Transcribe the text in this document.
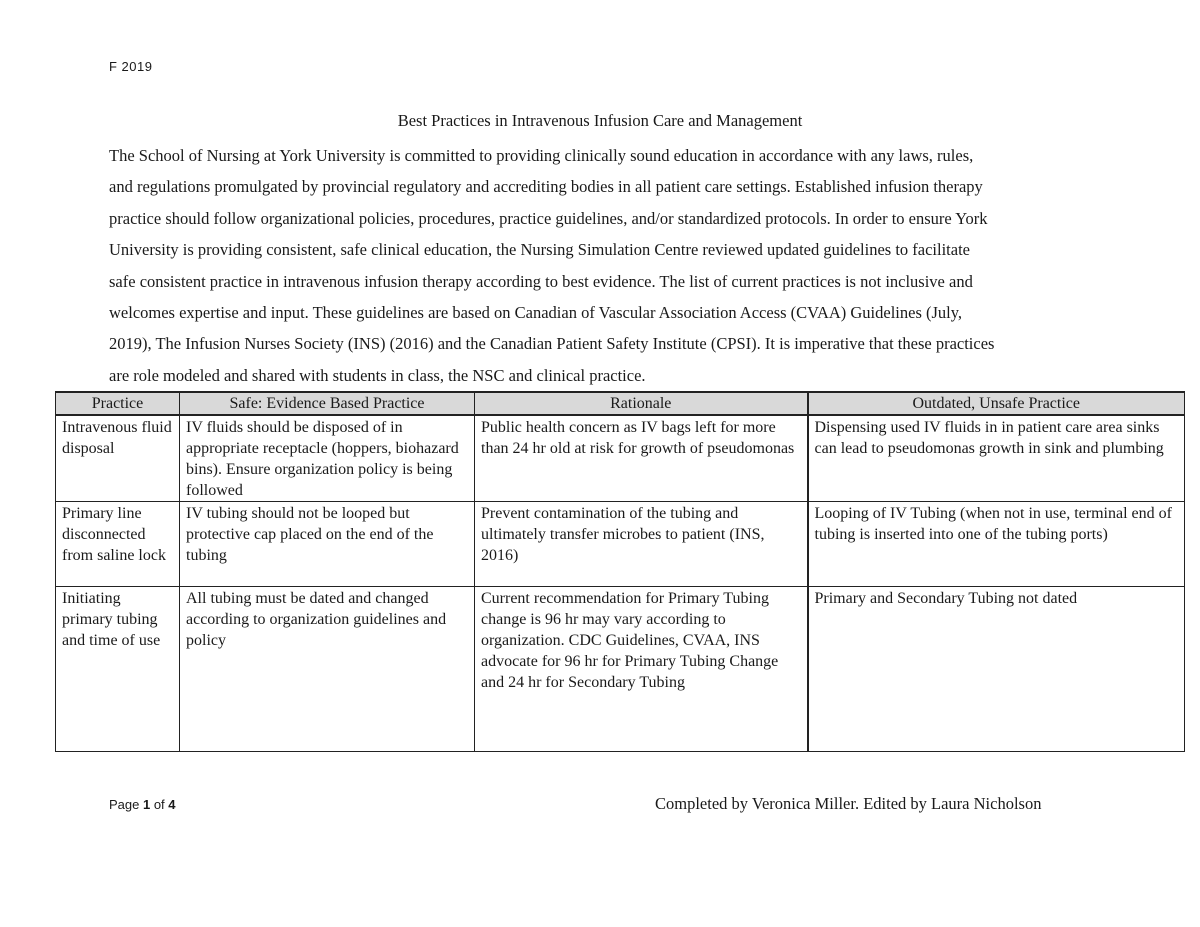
F 2019
Best Practices in Intravenous Infusion Care and Management

The School of Nursing at York University is committed to providing clinically sound education in accordance with any laws, rules,
and regulations promulgated by provincial regulatory and accrediting bodies in all patient care settings. Established infusion therapy
practice should follow organizational policies, procedures, practice guidelines, and/or standardized protocols. In order to ensure York
University is providing consistent, safe clinical education, the Nursing Simulation Centre reviewed updated guidelines to facilitate
safe consistent practice in intravenous infusion therapy according to best evidence. The list of current practices is not inclusive and
welcomes expertise and input. These guidelines are based on Canadian of Vascular Association Access (CVAA) Guidelines (July,
2019), The Infusion Nurses Society (INS) (2016) and the Canadian Patient Safety Institute (CPSI). It is imperative that these practices
are role modeled and shared with students in class, the NSC and clinical practice.

Practice	Safe: Evidence Based Practice	Rationale	Outdated, Unsafe Practice
Intravenous fluid disposal	IV fluids should be disposed of in appropriate receptacle (hoppers, biohazard bins). Ensure organization policy is being followed	Public health concern as IV bags left for more than 24 hr old at risk for growth of pseudomonas	Dispensing used IV fluids in in patient care area sinks can lead to pseudomonas growth in sink and plumbing
Primary line disconnected from saline lock	IV tubing should not be looped but protective cap placed on the end of the tubing	Prevent contamination of the tubing and ultimately transfer microbes to patient (INS, 2016)	Looping of IV Tubing (when not in use, terminal end of tubing is inserted into one of the tubing ports)
Initiating primary tubing and time of use	All tubing must be dated and changed according to organization guidelines and policy	Current recommendation for Primary Tubing change is 96 hr may vary according to organization. CDC Guidelines, CVAA, INS advocate for 96 hr for Primary Tubing Change and 24 hr for Secondary Tubing	Primary and Secondary Tubing not dated
Page 1 of 4	Completed by Veronica Miller. Edited by Laura Nicholson
